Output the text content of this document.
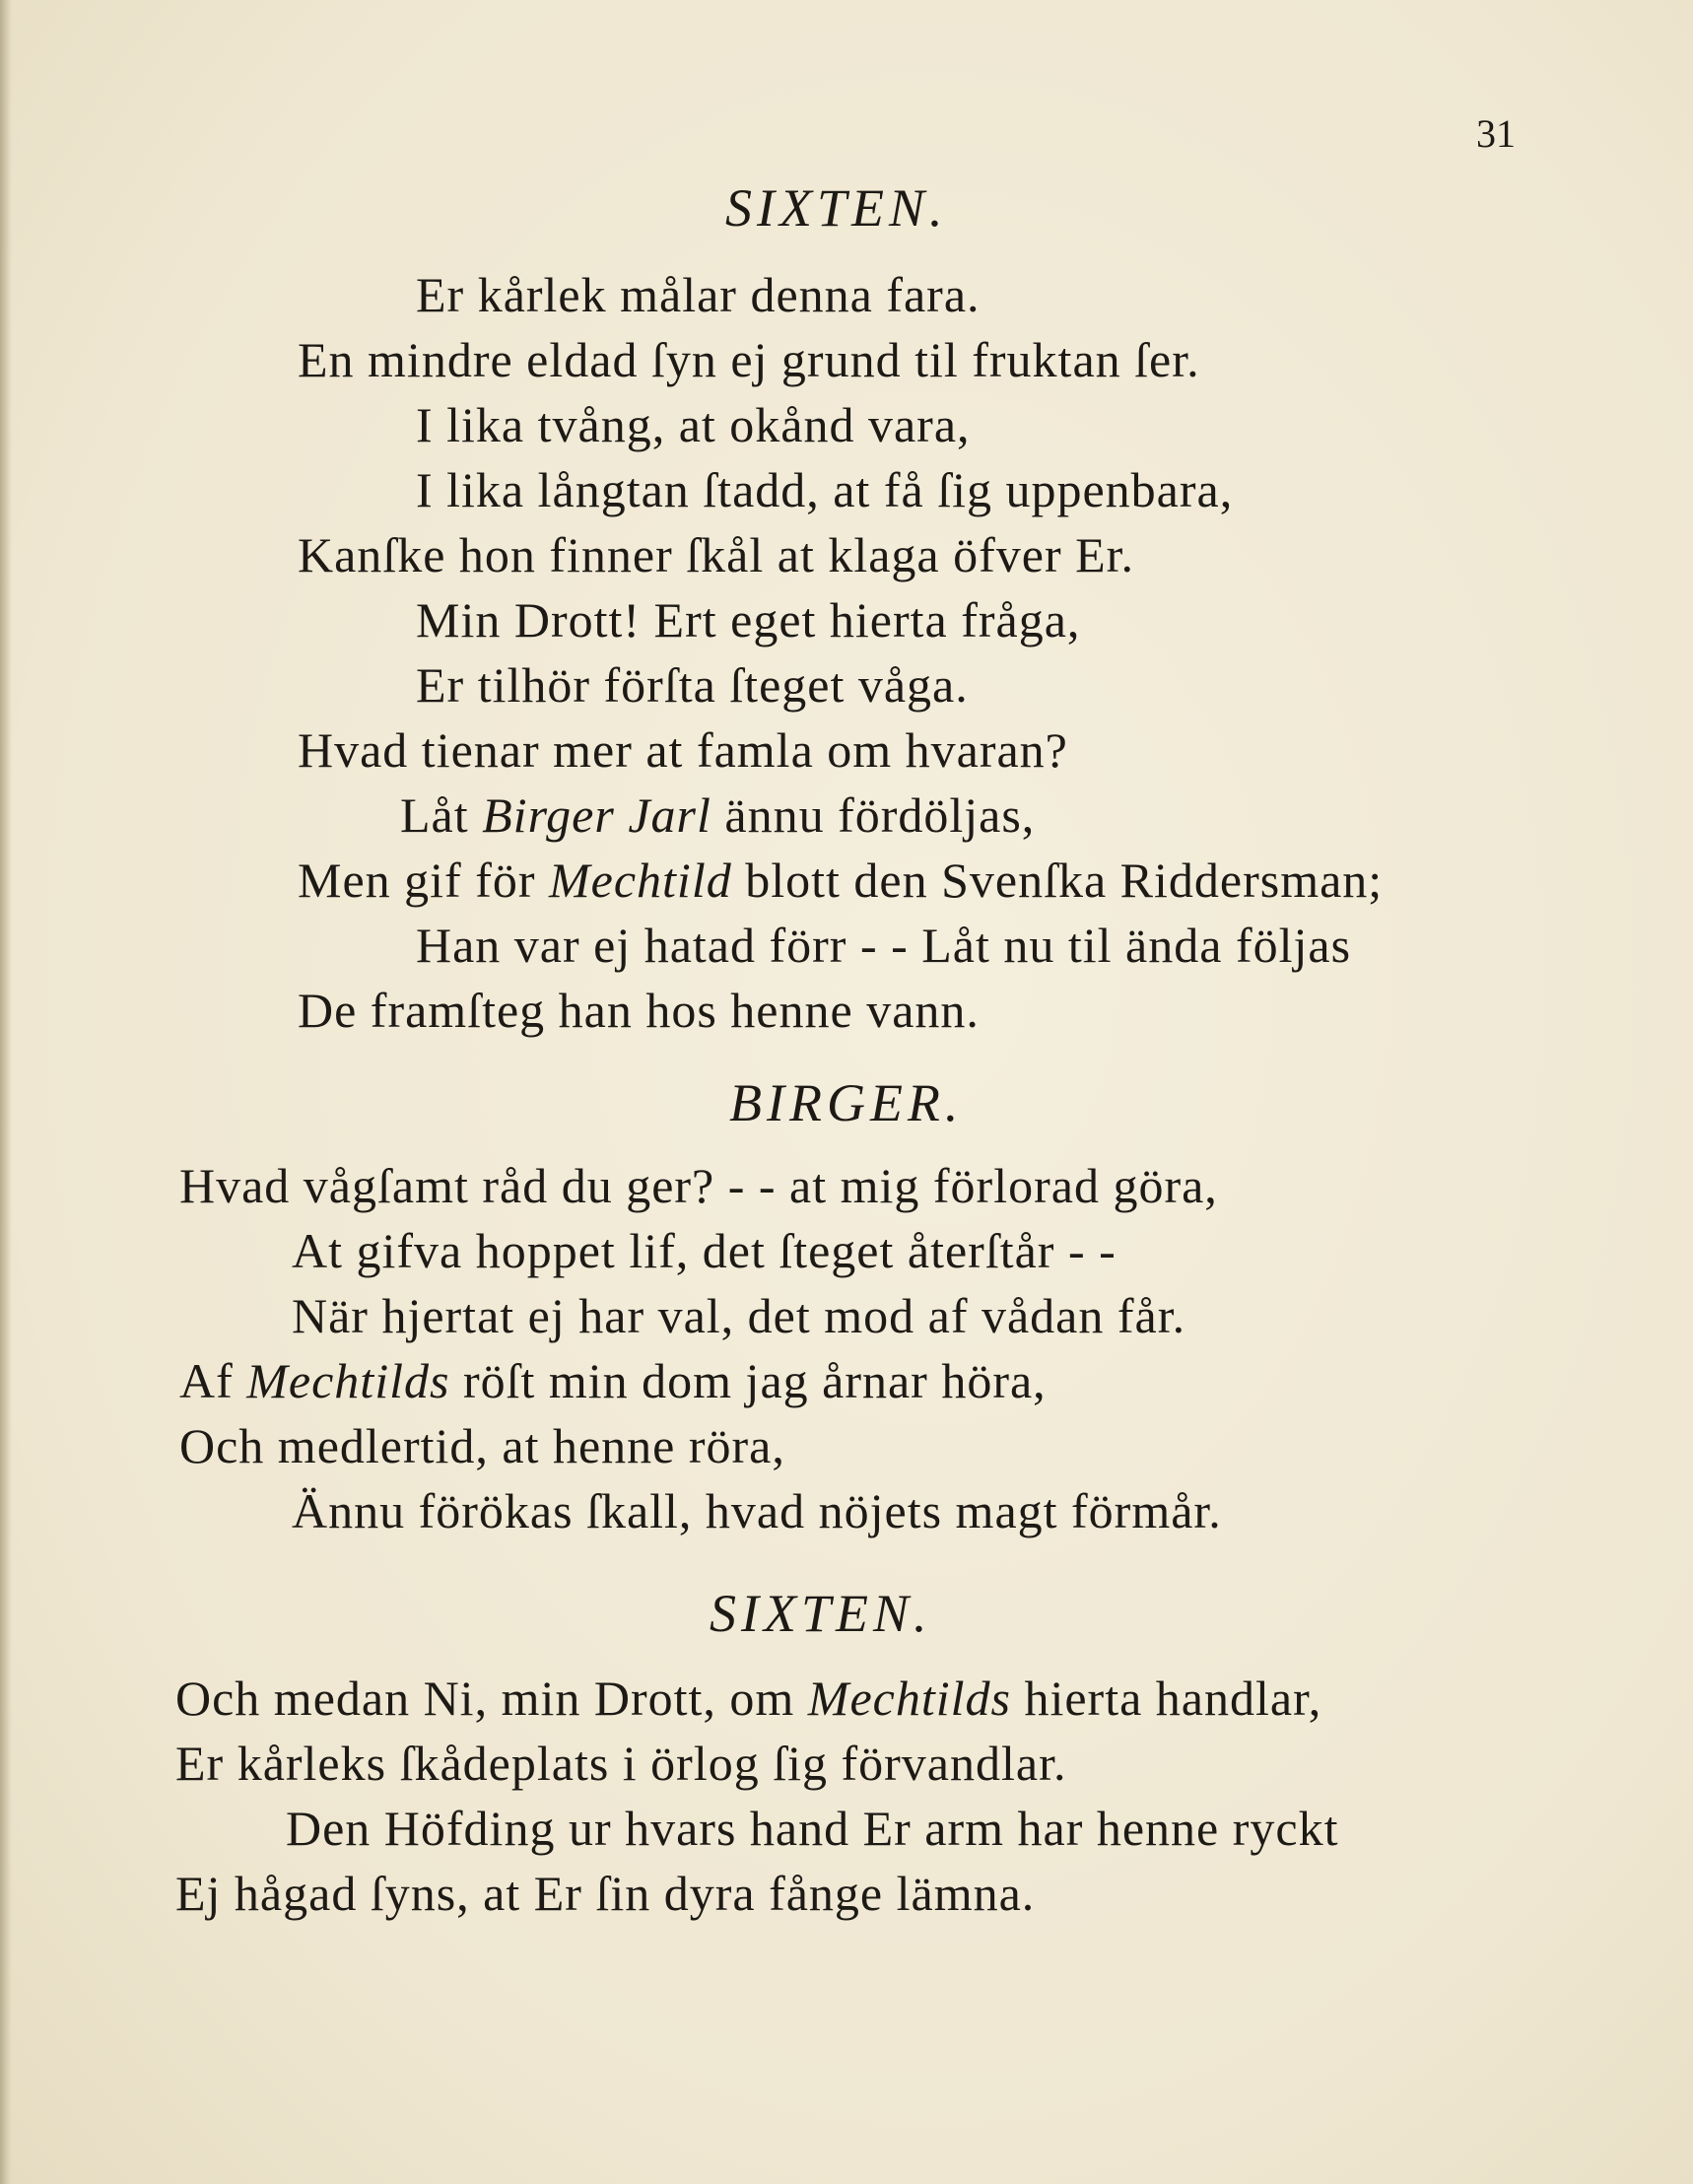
31
SIXTEN.
Er kårlek målar denna fara.
En mindre eldad ſyn ej grund til fruktan ſer.
I lika tvång, at okånd vara,
I lika långtan ſtadd, at få ſig uppenbara,
Kanſke hon finner ſkål at klaga öfver Er.
Min Drott! Ert eget hierta fråga,
Er tilhör förſta ſteget våga.
Hvad tienar mer at famla om hvaran?
Låt Birger Jarl ännu fördöljas,
Men gif för Mechtild blott den Svenſka Riddersman;
Han var ej hatad förr - - Låt nu til ända följas
De framſteg han hos henne vann.
BIRGER.
Hvad vågſamt råd du ger? - - at mig förlorad göra,
At gifva hoppet lif, det ſteget återſtår - -
När hjertat ej har val, det mod af vådan får.
Af Mechtilds röſt min dom jag årnar höra,
Och medlertid, at henne röra,
Ännu förökas ſkall, hvad nöjets magt förmår.
SIXTEN.
Och medan Ni, min Drott, om Mechtilds hierta handlar,
Er kårleks ſkådeplats i örlog ſig förvandlar.
Den Höfding ur hvars hand Er arm har henne ryckt
Ej hågad ſyns, at Er ſin dyra fånge lämna.
